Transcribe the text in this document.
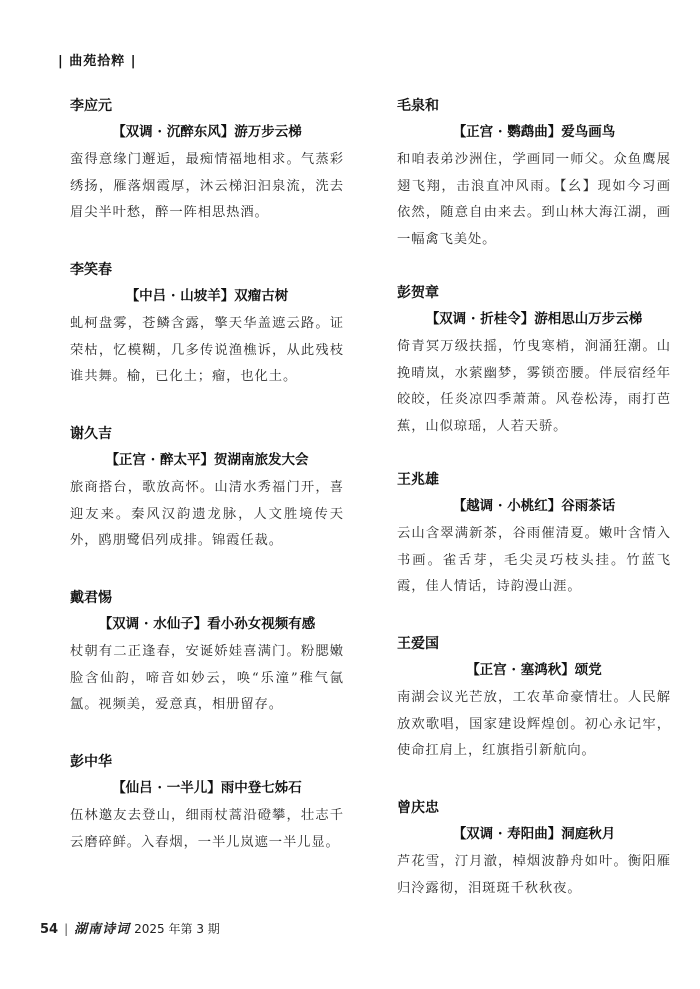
| 曲苑拾粹 |
李应元
【双调 · 沉醉东风】游万步云梯
蛮得意缘门邂逅，最痴情福地相求。气蒸彩绣扬，雁落烟霞厚，沐云梯汩汩泉流，洗去眉尖半叶愁，醉一阵相思热酒。
李笑春
【中吕 · 山坡羊】双瘤古树
虬柯盘雾，苍鳞含露，擎天华盖遮云路。证荣枯，忆模糊，几多传说渔樵诉，从此残枝谁共舞。榆，已化土；瘤，也化土。
谢久吉
【正宫 · 醉太平】贺湖南旅发大会
旅商搭台，歌放高怀。山清水秀福门开，喜迎友来。秦风汉韵遗龙脉，人文胜境传天外，鸥朋鹭侣列成排。锦霞任裁。
戴君惕
【双调 · 水仙子】看小孙女视频有感
杖朝有二正逢春，安诞娇娃喜满门。粉腮嫩脸含仙韵，啼音如妙云，唤“乐潼”稚气氤氲。视频美，爱意真，相册留存。
彭中华
【仙吕 · 一半儿】雨中登七姊石
伍林邀友去登山，细雨杖蒿沿磴攀，壮志千云磨碎鲜。入春烟，一半儿岚遮一半儿显。
毛泉和
【正宫 · 鹦鹉曲】爱鸟画鸟
和咱表弟沙洲住，学画同一师父。众鱼鹰展翅飞翔，击浪直冲风雨。【幺】现如今习画依然，随意自由来去。到山林大海江湖，画一幅禽飞美处。
彭贺章
【双调 · 折桂令】游相思山万步云梯
倚青冥万级扶摇，竹曳寒梢，涧涌狂潮。山挽晴岚，水萦幽梦，雾锁峦腰。伴辰宿经年皎皎，任炎凉四季萧萧。风卷松涛，雨打芭蕉，山似琼瑶，人若天骄。
王兆雄
【越调 · 小桃红】谷雨茶话
云山含翠满新茶，谷雨催清夏。嫩叶含情入书画。雀舌芽，毛尖灵巧枝头挂。竹蓝飞霞，佳人情话，诗韵漫山涯。
王爱国
【正宫 · 塞鸿秋】颂党
南湖会议光芒放，工农革命豪情壮。人民解放欢歌唱，国家建设辉煌创。初心永记牢，使命扛肩上，红旗指引新航向。
曾庆忠
【双调 · 寿阳曲】洞庭秋月
芦花雪，汀月澈，棹烟波静舟如叶。衡阳雁归泠露彻，泪斑斑千秋秋夜。
54 | 湖南诗词 2025 年第 3 期
